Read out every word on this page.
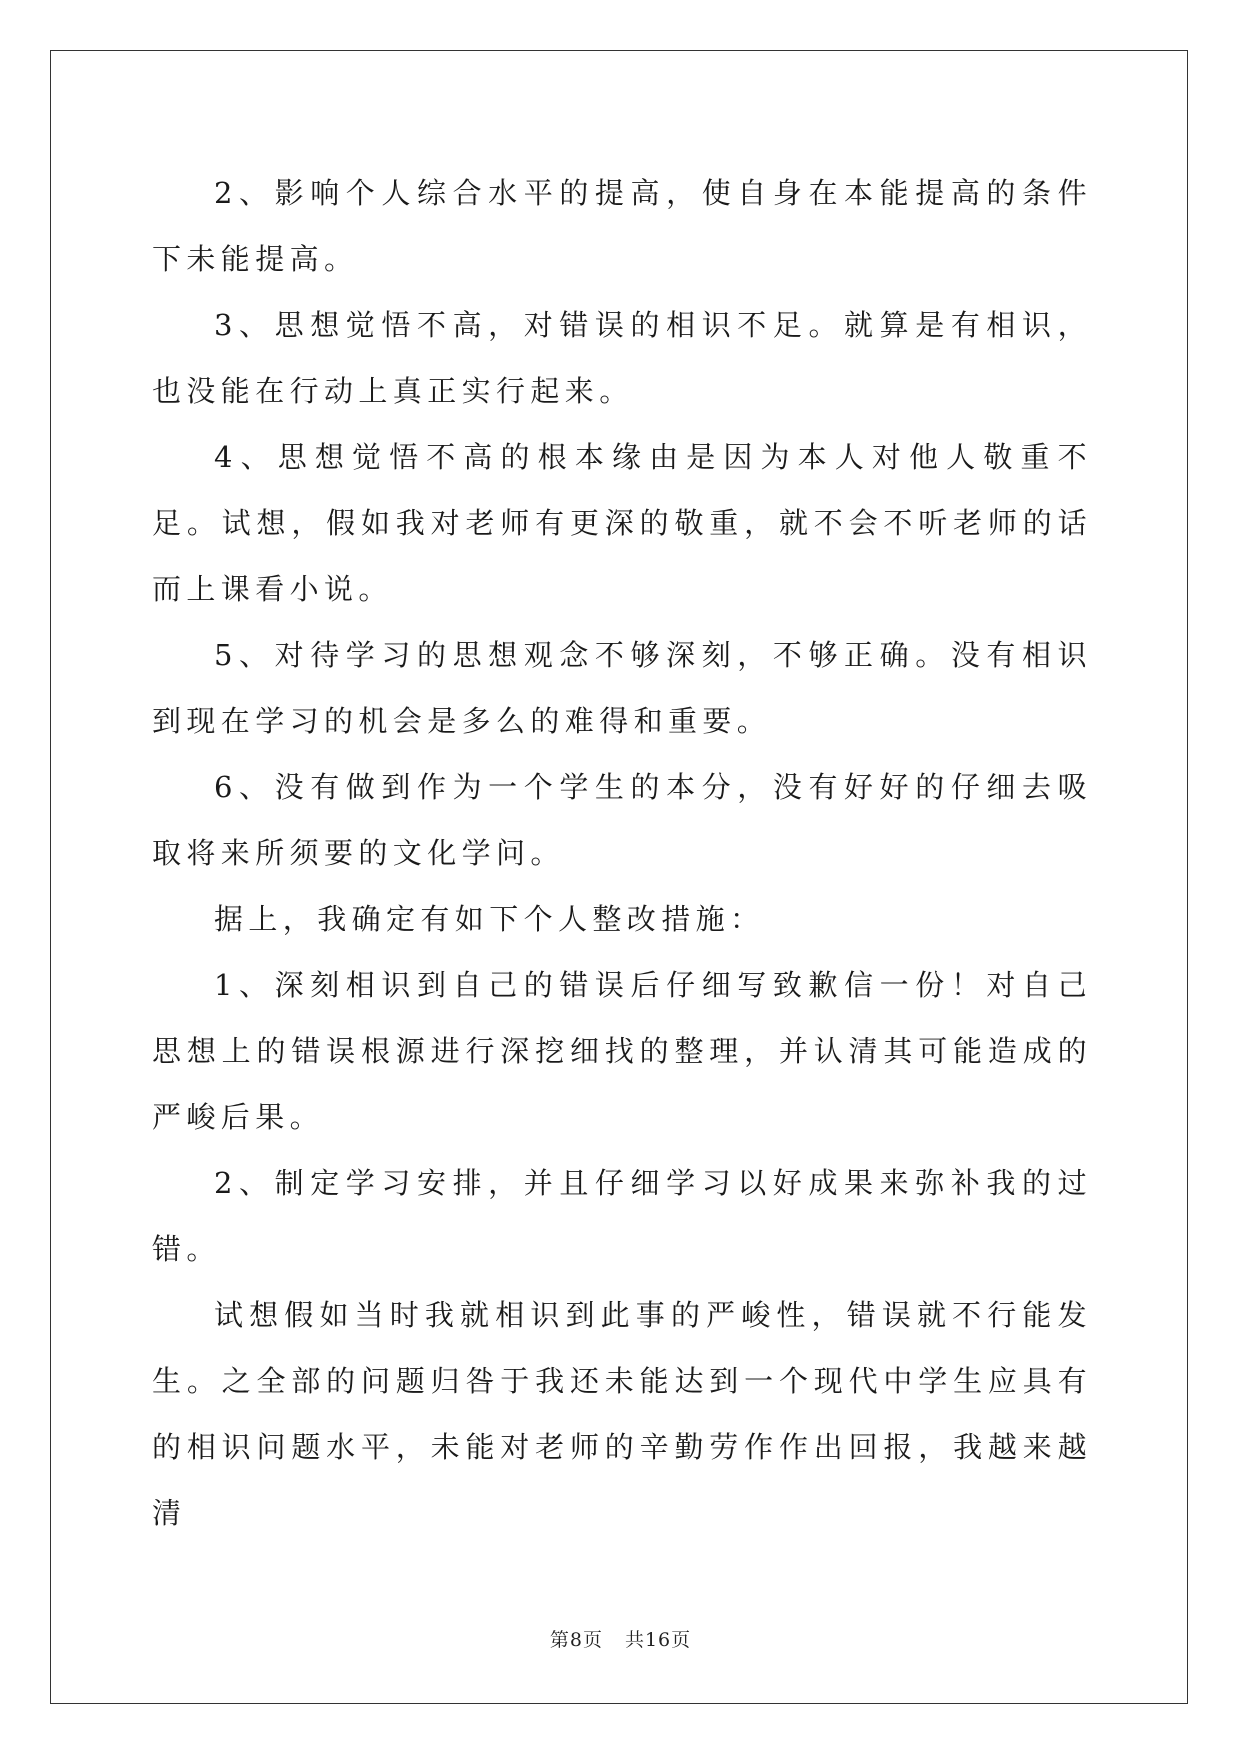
2、影响个人综合水平的提高，使自身在本能提高的条件下未能提高。

3、思想觉悟不高，对错误的相识不足。就算是有相识，也没能在行动上真正实行起来。

4、思想觉悟不高的根本缘由是因为本人对他人敬重不足。试想，假如我对老师有更深的敬重，就不会不听老师的话而上课看小说。

5、对待学习的思想观念不够深刻，不够正确。没有相识到现在学习的机会是多么的难得和重要。

6、没有做到作为一个学生的本分，没有好好的仔细去吸取将来所须要的文化学问。

据上，我确定有如下个人整改措施：

1、深刻相识到自己的错误后仔细写致歉信一份！对自己思想上的错误根源进行深挖细找的整理，并认清其可能造成的严峻后果。

2、制定学习安排，并且仔细学习以好成果来弥补我的过错。

试想假如当时我就相识到此事的严峻性，错误就不行能发生。之全部的问题归咎于我还未能达到一个现代中学生应具有的相识问题水平，未能对老师的辛勤劳作作出回报，我越来越清

第8页 共16页
